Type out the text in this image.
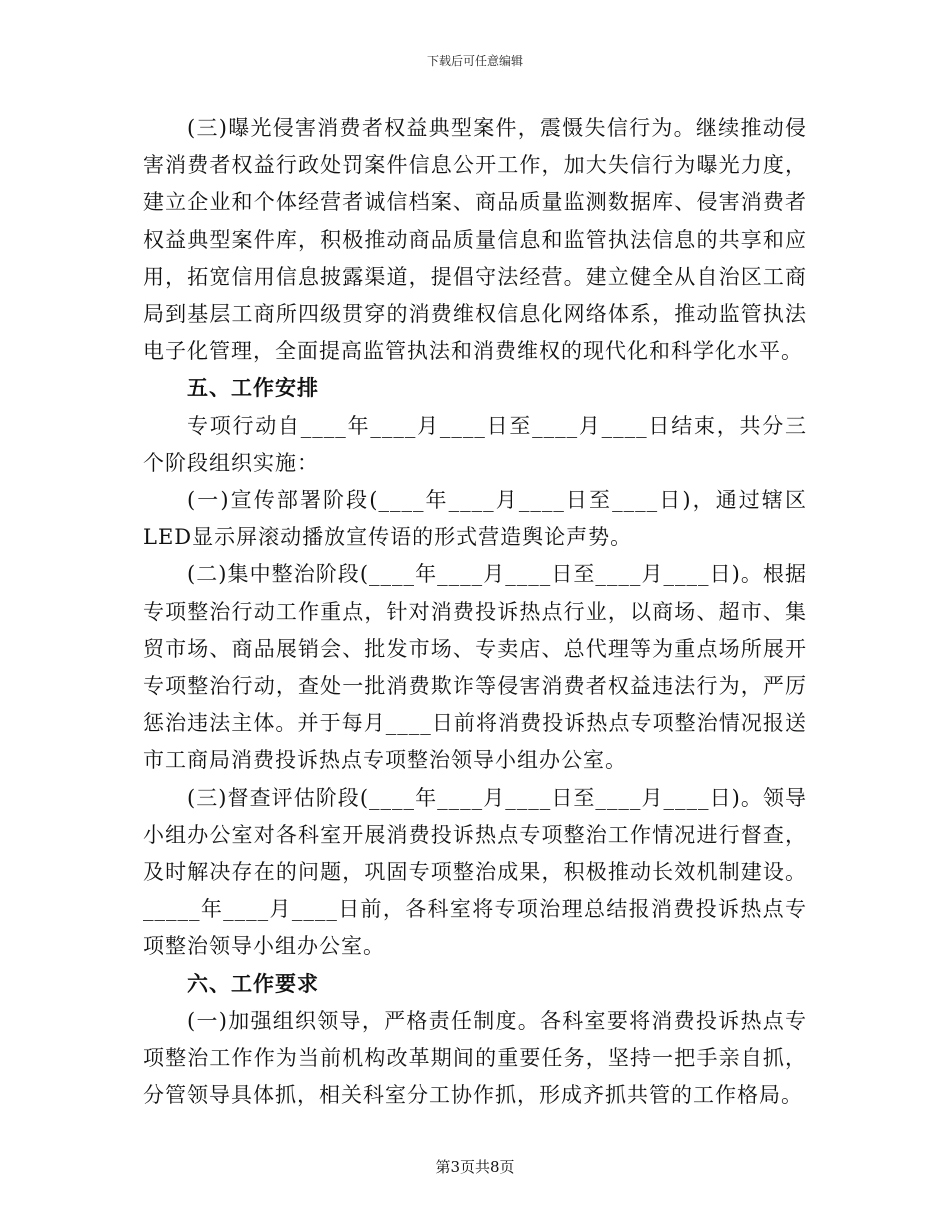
下载后可任意编辑

(三)曝光侵害消费者权益典型案件，震慑失信行为。继续推动侵害消费者权益行政处罚案件信息公开工作，加大失信行为曝光力度，建立企业和个体经营者诚信档案、商品质量监测数据库、侵害消费者权益典型案件库，积极推动商品质量信息和监管执法信息的共享和应用，拓宽信用信息披露渠道，提倡守法经营。建立健全从自治区工商局到基层工商所四级贯穿的消费维权信息化网络体系，推动监管执法电子化管理，全面提高监管执法和消费维权的现代化和科学化水平。

五、工作安排

专项行动自____年____月____日至____月____日结束，共分三个阶段组织实施：

(一)宣传部署阶段(____年____月____日至____日)，通过辖区LED显示屏滚动播放宣传语的形式营造舆论声势。

(二)集中整治阶段(____年____月____日至____月____日)。根据专项整治行动工作重点，针对消费投诉热点行业，以商场、超市、集贸市场、商品展销会、批发市场、专卖店、总代理等为重点场所展开专项整治行动，查处一批消费欺诈等侵害消费者权益违法行为，严厉惩治违法主体。并于每月____日前将消费投诉热点专项整治情况报送市工商局消费投诉热点专项整治领导小组办公室。

(三)督查评估阶段(____年____月____日至____月____日)。领导小组办公室对各科室开展消费投诉热点专项整治工作情况进行督查，及时解决存在的问题，巩固专项整治成果，积极推动长效机制建设。_____年____月____日前，各科室将专项治理总结报消费投诉热点专项整治领导小组办公室。

六、工作要求

(一)加强组织领导，严格责任制度。各科室要将消费投诉热点专项整治工作作为当前机构改革期间的重要任务，坚持一把手亲自抓，分管领导具体抓，相关科室分工协作抓，形成齐抓共管的工作格局。

第3页共8页
